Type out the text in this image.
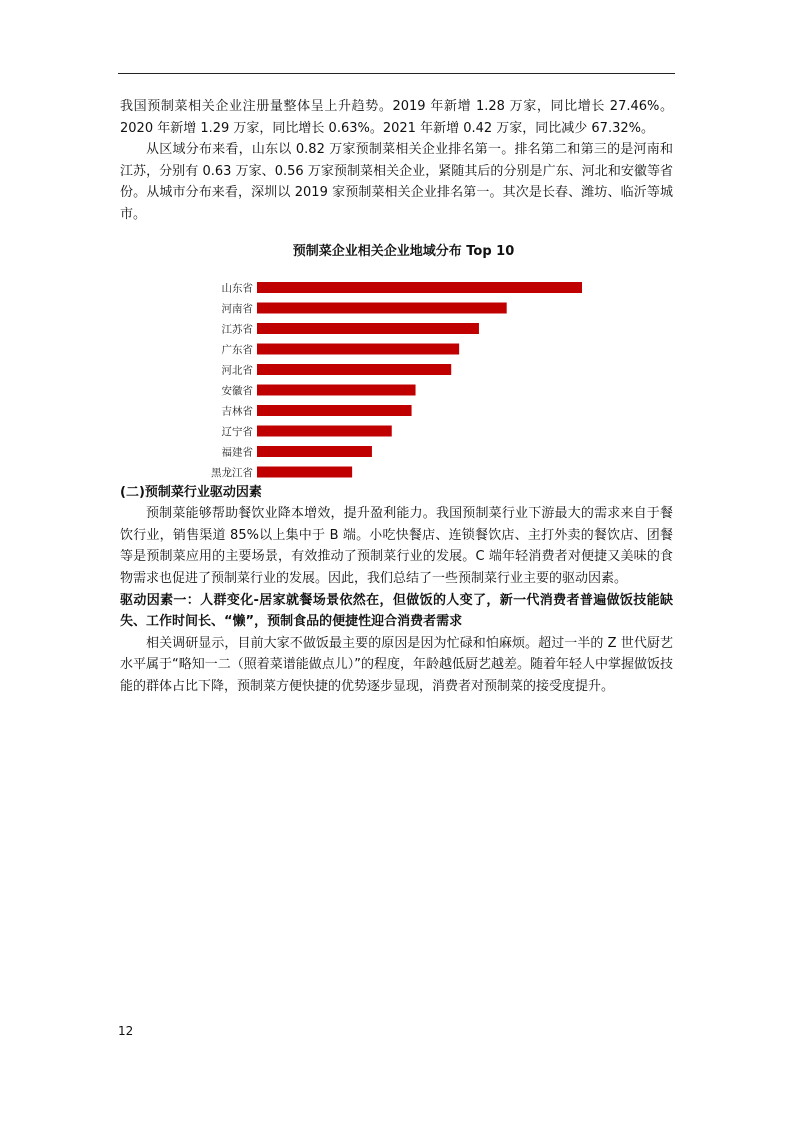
我国预制菜相关企业注册量整体呈上升趋势。2019 年新增 1.28 万家，同比增长 27.46%。2020 年新增 1.29 万家，同比增长 0.63%。2021 年新增 0.42 万家，同比减少 67.32%。

从区域分布来看，山东以 0.82 万家预制菜相关企业排名第一。排名第二和第三的是河南和江苏，分别有 0.63 万家、0.56 万家预制菜相关企业，紧随其后的分别是广东、河北和安徽等省份。从城市分布来看，深圳以 2019 家预制菜相关企业排名第一。其次是长春、潍坊、临沂等城市。

预制菜企业相关企业地域分布 Top 10
山东省
河南省
江苏省
广东省
河北省
安徽省
吉林省
辽宁省
福建省
黑龙江省

(二)预制菜行业驱动因素

预制菜能够帮助餐饮业降本增效，提升盈利能力。我国预制菜行业下游最大的需求来自于餐饮行业，销售渠道 85%以上集中于 B 端。小吃快餐店、连锁餐饮店、主打外卖的餐饮店、团餐等是预制菜应用的主要场景，有效推动了预制菜行业的发展。C 端年轻消费者对便捷又美味的食物需求也促进了预制菜行业的发展。因此，我们总结了一些预制菜行业主要的驱动因素。

驱动因素一：人群变化-居家就餐场景依然在，但做饭的人变了，新一代消费者普遍做饭技能缺失、工作时间长、“懒”，预制食品的便捷性迎合消费者需求

相关调研显示，目前大家不做饭最主要的原因是因为忙碌和怕麻烦。超过一半的 Z 世代厨艺水平属于“略知一二（照着菜谱能做点儿）”的程度，年龄越低厨艺越差。随着年轻人中掌握做饭技能的群体占比下降，预制菜方便快捷的优势逐步显现，消费者对预制菜的接受度提升。

12
